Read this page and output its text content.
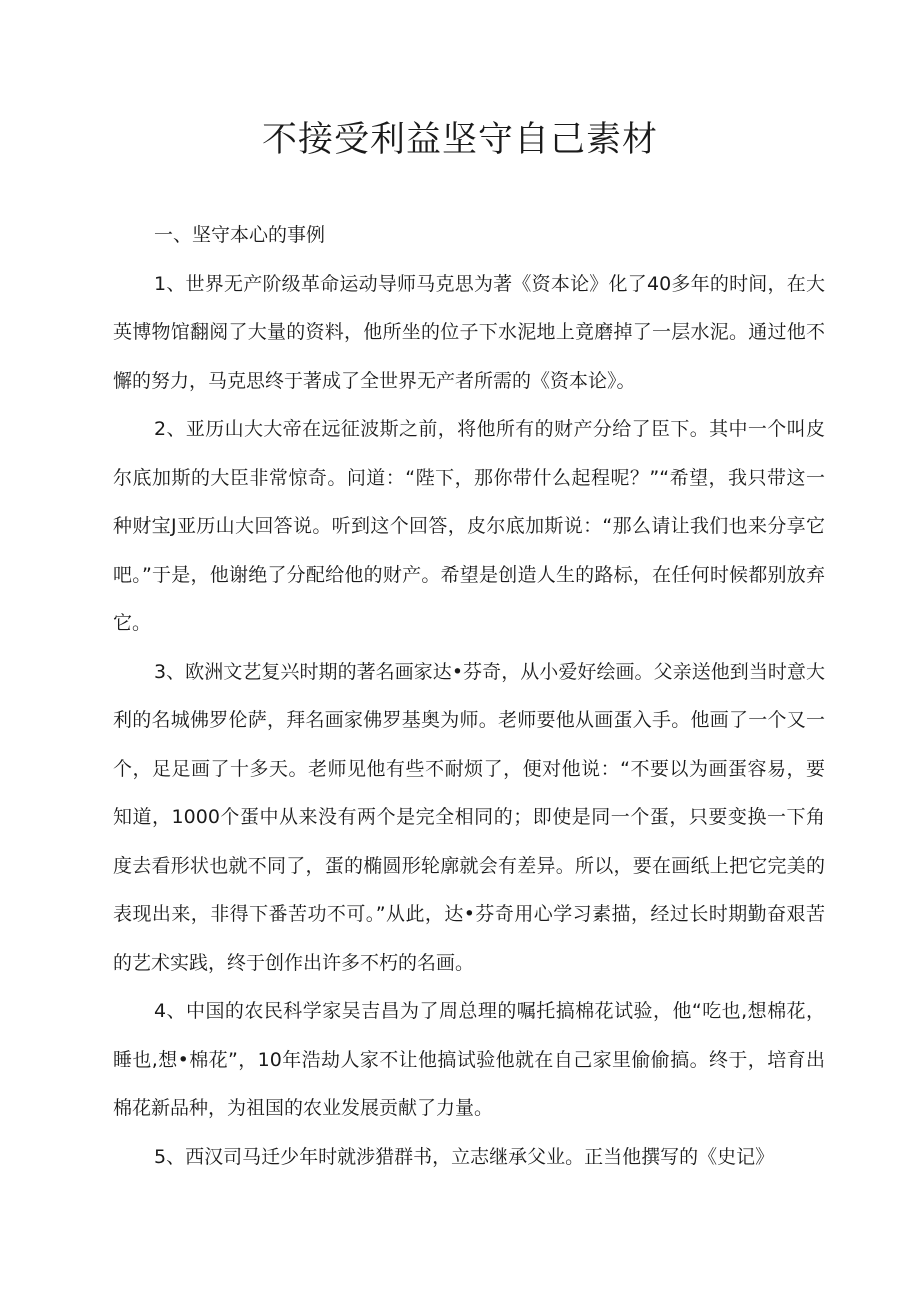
不接受利益坚守自己素材

一、坚守本心的事例

1、世界无产阶级革命运动导师马克思为著《资本论》化了40多年的时间，在大英博物馆翻阅了大量的资料，他所坐的位子下水泥地上竟磨掉了一层水泥。通过他不懈的努力，马克思终于著成了全世界无产者所需的《资本论》。

2、亚历山大大帝在远征波斯之前，将他所有的财产分给了臣下。其中一个叫皮尔底加斯的大臣非常惊奇。问道：“陛下，那你带什么起程呢？”“希望，我只带这一种财宝J亚历山大回答说。听到这个回答，皮尔底加斯说：“那么请让我们也来分享它吧。”于是，他谢绝了分配给他的财产。希望是创造人生的路标，在任何时候都别放弃它。

3、欧洲文艺复兴时期的著名画家达•芬奇，从小爱好绘画。父亲送他到当时意大利的名城佛罗伦萨，拜名画家佛罗基奥为师。老师要他从画蛋入手。他画了一个又一个，足足画了十多天。老师见他有些不耐烦了，便对他说：“不要以为画蛋容易，要知道，1000个蛋中从来没有两个是完全相同的；即使是同一个蛋，只要变换一下角度去看形状也就不同了，蛋的椭圆形轮廓就会有差异。所以，要在画纸上把它完美的表现出来，非得下番苦功不可。”从此，达•芬奇用心学习素描，经过长时期勤奋艰苦的艺术实践，终于创作出许多不朽的名画。

4、中国的农民科学家吴吉昌为了周总理的嘱托搞棉花试验，他“吃也,想棉花，睡也,想•棉花”，10年浩劫人家不让他搞试验他就在自己家里偷偷搞。终于，培育出棉花新品种，为祖国的农业发展贡献了力量。

5、西汉司马迁少年时就涉猎群书，立志继承父业。正当他撰写的《史记》
